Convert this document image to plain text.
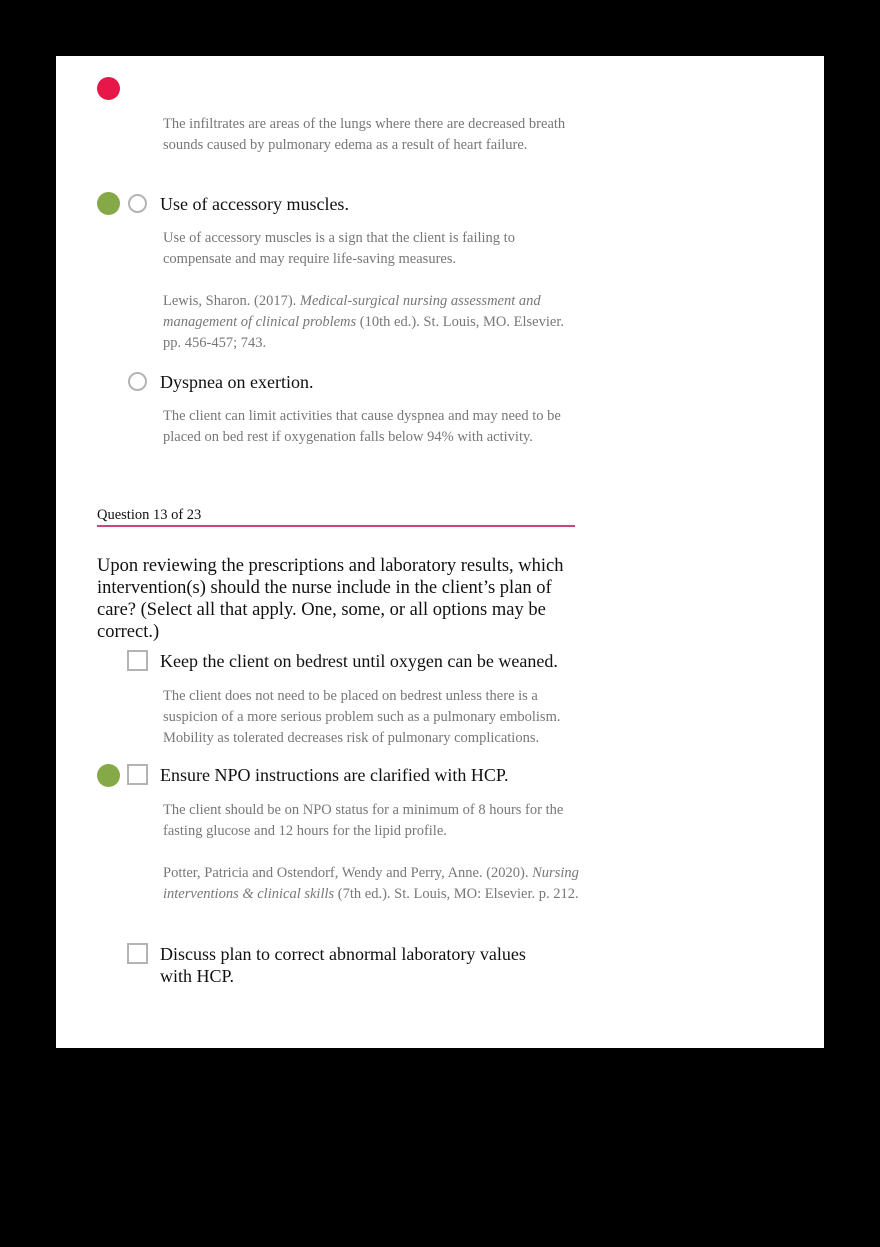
The infiltrates are areas of the lungs where there are decreased breath sounds caused by pulmonary edema as a result of heart failure.
Use of accessory muscles.
Use of accessory muscles is a sign that the client is failing to compensate and may require life-saving measures.
Lewis, Sharon. (2017). Medical-surgical nursing assessment and management of clinical problems (10th ed.). St. Louis, MO. Elsevier. pp. 456-457; 743.
Dyspnea on exertion.
The client can limit activities that cause dyspnea and may need to be placed on bed rest if oxygenation falls below 94% with activity.
Question 13 of 23
Upon reviewing the prescriptions and laboratory results, which intervention(s) should the nurse include in the client’s plan of care? (Select all that apply. One, some, or all options may be correct.)
Keep the client on bedrest until oxygen can be weaned.
The client does not need to be placed on bedrest unless there is a suspicion of a more serious problem such as a pulmonary embolism. Mobility as tolerated decreases risk of pulmonary complications.
Ensure NPO instructions are clarified with HCP.
The client should be on NPO status for a minimum of 8 hours for the fasting glucose and 12 hours for the lipid profile.
Potter, Patricia and Ostendorf, Wendy and Perry, Anne. (2020). Nursing interventions & clinical skills (7th ed.). St. Louis, MO: Elsevier. p. 212.
Discuss plan to correct abnormal laboratory values with HCP.
